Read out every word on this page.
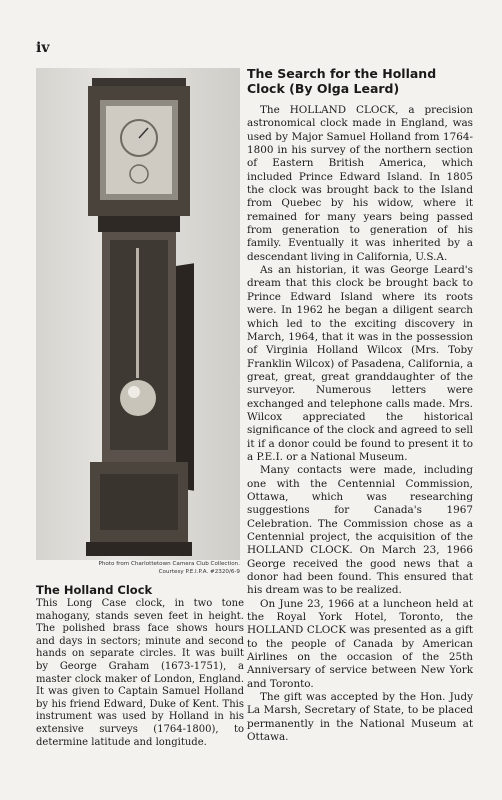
iv
Photo from Charlottetown Camera Club Collection.
Courtesy P.E.I.P.A. #2320/6-9
The Holland Clock

This Long Case clock, in two tone mahogany, stands seven feet in height. The polished brass face shows hours and days in sectors; minute and second hands on separate circles. It was built by George Graham (1673-1751), a master clock maker of London, England. It was given to Captain Samuel Holland by his friend Edward, Duke of Kent. This instrument was used by Holland in his extensive surveys (1764-1800), to determine latitude and longitude.

The Search for the Holland Clock (By Olga Leard)

The HOLLAND CLOCK, a precision astronomical clock made in England, was used by Major Samuel Holland from 1764-1800 in his survey of the northern section of Eastern British America, which included Prince Edward Island. In 1805 the clock was brought back to the Island from Quebec by his widow, where it remained for many years being passed from generation to generation of his family. Eventually it was inherited by a descendant living in California, U.S.A.

As an historian, it was George Leard's dream that this clock be brought back to Prince Edward Island where its roots were. In 1962 he began a diligent search which led to the exciting discovery in March, 1964, that it was in the possession of Virginia Holland Wilcox (Mrs. Toby Franklin Wilcox) of Pasadena, California, a great, great, great granddaughter of the surveyor. Numerous letters were exchanged and telephone calls made. Mrs. Wilcox appreciated the historical significance of the clock and agreed to sell it if a donor could be found to present it to a P.E.I. or a National Museum.

Many contacts were made, including one with the Centennial Commission, Ottawa, which was researching suggestions for Canada's 1967 Celebration. The Commission chose as a Centennial project, the acquisition of the HOLLAND CLOCK. On March 23, 1966 George received the good news that a donor had been found. This ensured that his dream was to be realized.

On June 23, 1966 at a luncheon held at the Royal York Hotel, Toronto, the HOLLAND CLOCK was presented as a gift to the people of Canada by American Airlines on the occasion of the 25th Anniversary of service between New York and Toronto.

The gift was accepted by the Hon. Judy La Marsh, Secretary of State, to be placed permanently in the National Museum at Ottawa.
